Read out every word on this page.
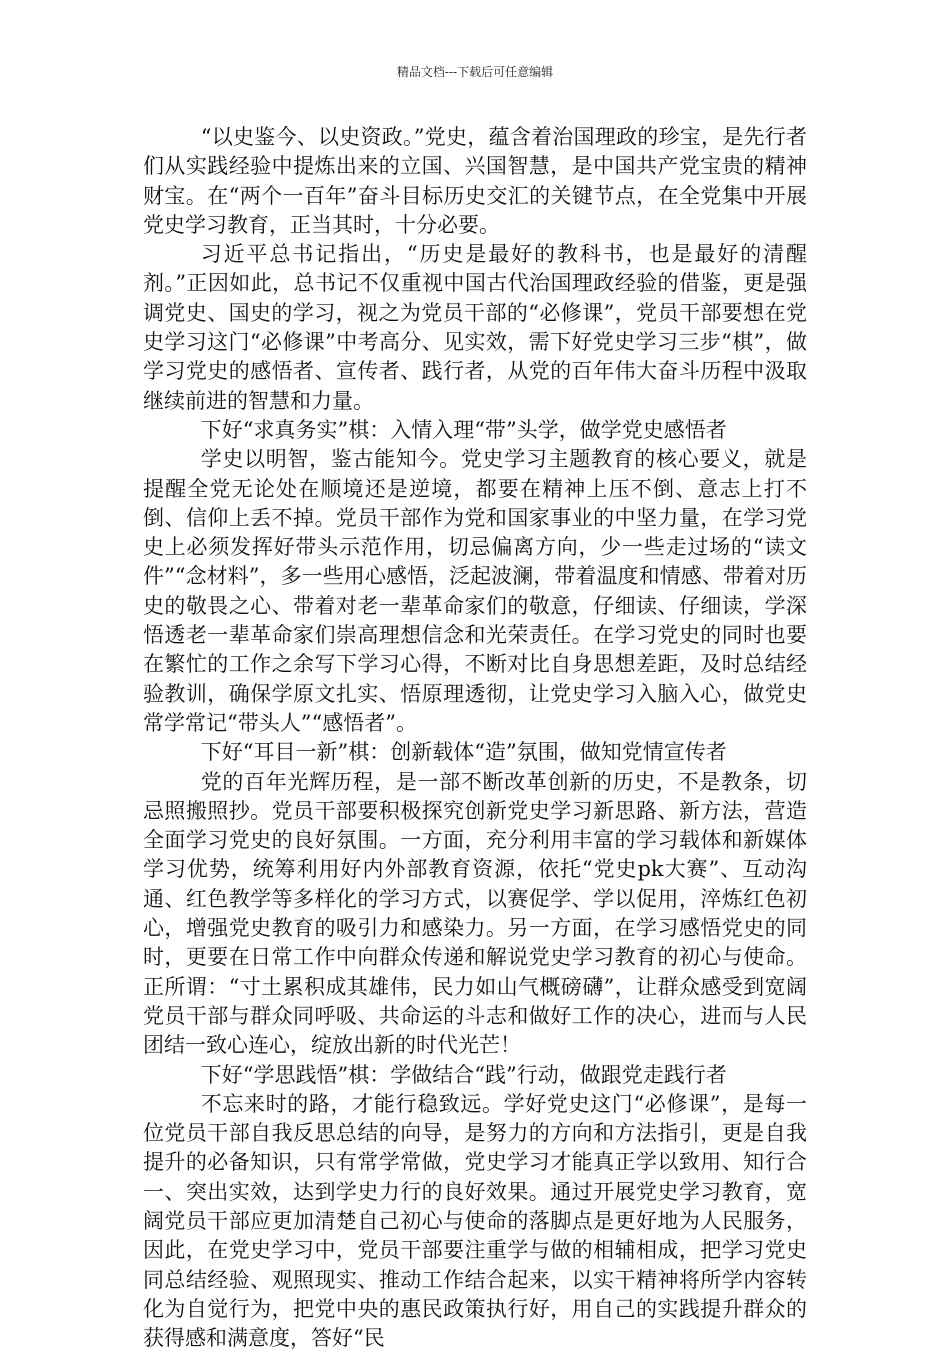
精品文档---下载后可任意编辑

“以史鉴今、以史资政。”党史，蕴含着治国理政的珍宝，是先行者们从实践经验中提炼出来的立国、兴国智慧，是中国共产党宝贵的精神财宝。在“两个一百年”奋斗目标历史交汇的关键节点，在全党集中开展党史学习教育，正当其时，十分必要。

习近平总书记指出，“历史是最好的教科书，也是最好的清醒剂。”正因如此，总书记不仅重视中国古代治国理政经验的借鉴，更是强调党史、国史的学习，视之为党员干部的“必修课”，党员干部要想在党史学习这门“必修课”中考高分、见实效，需下好党史学习三步“棋”，做学习党史的感悟者、宣传者、践行者，从党的百年伟大奋斗历程中汲取继续前进的智慧和力量。

下好“求真务实”棋：入情入理“带”头学，做学党史感悟者

学史以明智，鉴古能知今。党史学习主题教育的核心要义，就是提醒全党无论处在顺境还是逆境，都要在精神上压不倒、意志上打不倒、信仰上丢不掉。党员干部作为党和国家事业的中坚力量，在学习党史上必须发挥好带头示范作用，切忌偏离方向，少一些走过场的“读文件”“念材料”，多一些用心感悟，泛起波澜，带着温度和情感、带着对历史的敬畏之心、带着对老一辈革命家们的敬意，仔细读、仔细读，学深悟透老一辈革命家们崇高理想信念和光荣责任。在学习党史的同时也要在繁忙的工作之余写下学习心得，不断对比自身思想差距，及时总结经验教训，确保学原文扎实、悟原理透彻，让党史学习入脑入心，做党史常学常记“带头人”“感悟者”。

下好“耳目一新”棋：创新载体“造”氛围，做知党情宣传者

党的百年光辉历程，是一部不断改革创新的历史，不是教条，切忌照搬照抄。党员干部要积极探究创新党史学习新思路、新方法，营造全面学习党史的良好氛围。一方面，充分利用丰富的学习载体和新媒体学习优势，统筹利用好内外部教育资源，依托“党史pk大赛”、互动沟通、红色教学等多样化的学习方式，以赛促学、学以促用，淬炼红色初心，增强党史教育的吸引力和感染力。另一方面，在学习感悟党史的同时，更要在日常工作中向群众传递和解说党史学习教育的初心与使命。正所谓：“寸土累积成其雄伟，民力如山气概磅礴”，让群众感受到宽阔党员干部与群众同呼吸、共命运的斗志和做好工作的决心，进而与人民团结一致心连心，绽放出新的时代光芒！

下好“学思践悟”棋：学做结合“践”行动，做跟党走践行者

不忘来时的路，才能行稳致远。学好党史这门“必修课”，是每一位党员干部自我反思总结的向导，是努力的方向和方法指引，更是自我提升的必备知识，只有常学常做，党史学习才能真正学以致用、知行合一、突出实效，达到学史力行的良好效果。通过开展党史学习教育，宽阔党员干部应更加清楚自己初心与使命的落脚点是更好地为人民服务，因此，在党史学习中，党员干部要注重学与做的相辅相成，把学习党史同总结经验、观照现实、推动工作结合起来，以实干精神将所学内容转化为自觉行为，把党中央的惠民政策执行好，用自己的实践提升群众的获得感和满意度，答好“民
